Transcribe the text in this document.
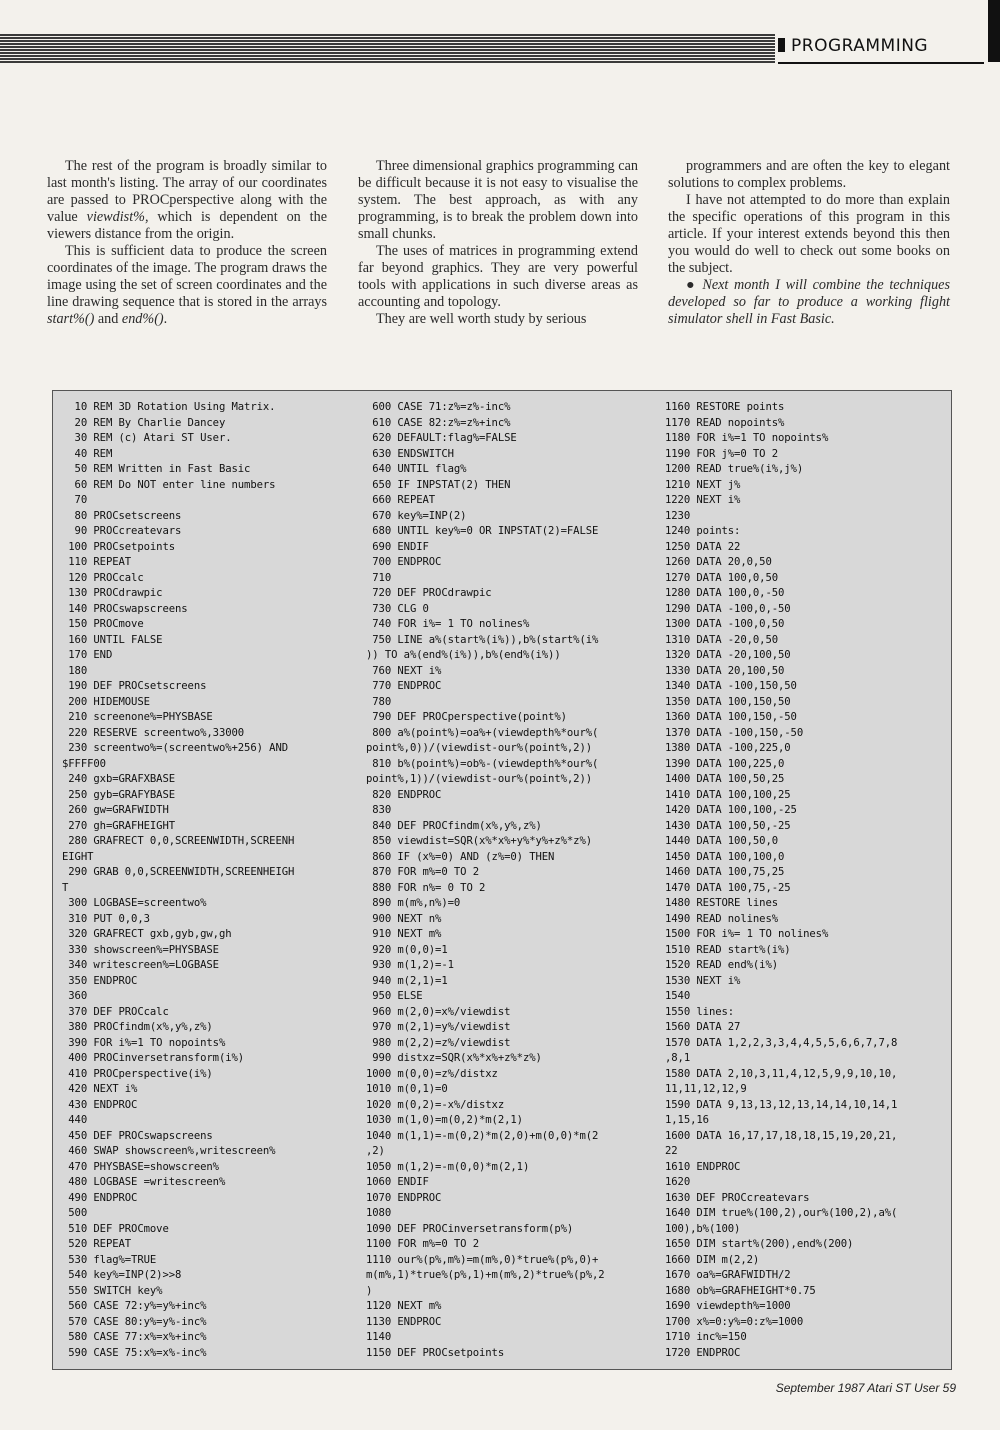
PROGRAMMING

The rest of the program is broadly similar to last month's listing. The array of our coordinates are passed to PROCperspective along with the value viewdist%, which is dependent on the viewers distance from the origin.

This is sufficient data to produce the screen coordinates of the image. The program draws the image using the set of screen coordinates and the line drawing sequence that is stored in the arrays start%() and end%().

Three dimensional graphics programming can be difficult because it is not easy to visualise the system. The best approach, as with any programming, is to break the problem down into small chunks.

The uses of matrices in programming extend far beyond graphics. They are very powerful tools with applications in such diverse areas as accounting and topology.

They are well worth study by serious

programmers and are often the key to elegant solutions to complex problems.

I have not attempted to do more than explain the specific operations of this program in this article. If your interest extends beyond this then you would do well to check out some books on the subject.

● Next month I will combine the techniques developed so far to produce a working flight simulator shell in Fast Basic.

10 REM 3D Rotation Using Matrix.
20 REM By Charlie Dancey
30 REM (c) Atari ST User.
40 REM
50 REM Written in Fast Basic
60 REM Do NOT enter line numbers
70
80 PROCsetscreens
90 PROCcreatevars
100 PROCsetpoints
110 REPEAT
120 PROCcalc
130 PROCdrawpic
140 PROCswapscreens
150 PROCmove
160 UNTIL FALSE
170 END
180
190 DEF PROCsetscreens
200 HIDEMOUSE
210 screenone%=PHYSBASE
220 RESERVE screentwo%,33000
230 screentwo%=(screentwo%+256) AND
$FFFF00
240 gxb=GRAFXBASE
250 gyb=GRAFYBASE
260 gw=GRAFWIDTH
270 gh=GRAFHEIGHT
280 GRAFRECT 0,0,SCREENWIDTH,SCREENH
EIGHT
290 GRAB 0,0,SCREENWIDTH,SCREENHEIGH
T
300 LOGBASE=screentwo%
310 PUT 0,0,3
320 GRAFRECT gxb,gyb,gw,gh
330 showscreen%=PHYSBASE
340 writescreen%=LOGBASE
350 ENDPROC
360
370 DEF PROCcalc
380 PROCfindm(x%,y%,z%)
390 FOR i%=1 TO nopoints%
400 PROCinversetransform(i%)
410 PROCperspective(i%)
420 NEXT i%
430 ENDPROC
440
450 DEF PROCswapscreens
460 SWAP showscreen%,writescreen%
470 PHYSBASE=showscreen%
480 LOGBASE =writescreen%
490 ENDPROC
500
510 DEF PROCmove
520 REPEAT
530 flag%=TRUE
540 key%=INP(2)>>8
550 SWITCH key%
560 CASE 72:y%=y%+inc%
570 CASE 80:y%=y%-inc%
580 CASE 77:x%=x%+inc%
590 CASE 75:x%=x%-inc%
600 CASE 71:z%=z%-inc%
610 CASE 82:z%=z%+inc%
620 DEFAULT:flag%=FALSE
630 ENDSWITCH
640 UNTIL flag%
650 IF INPSTAT(2) THEN
660 REPEAT
670 key%=INP(2)
680 UNTIL key%=0 OR INPSTAT(2)=FALSE
690 ENDIF
700 ENDPROC
710
720 DEF PROCdrawpic
730 CLG 0
740 FOR i%= 1 TO nolines%
750 LINE a%(start%(i%)),b%(start%(i%
)) TO a%(end%(i%)),b%(end%(i%))
760 NEXT i%
770 ENDPROC
780
790 DEF PROCperspective(point%)
800 a%(point%)=oa%+(viewdepth%*our%(
point%,0))/(viewdist-our%(point%,2))
810 b%(point%)=ob%-(viewdepth%*our%(
point%,1))/(viewdist-our%(point%,2))
820 ENDPROC
830
840 DEF PROCfindm(x%,y%,z%)
850 viewdist=SQR(x%*x%+y%*y%+z%*z%)
860 IF (x%=0) AND (z%=0) THEN
870 FOR m%=0 TO 2
880 FOR n%= 0 TO 2
890 m(m%,n%)=0
900 NEXT n%
910 NEXT m%
920 m(0,0)=1
930 m(1,2)=-1
940 m(2,1)=1
950 ELSE
960 m(2,0)=x%/viewdist
970 m(2,1)=y%/viewdist
980 m(2,2)=z%/viewdist
990 distxz=SQR(x%*x%+z%*z%)
1000 m(0,0)=z%/distxz
1010 m(0,1)=0
1020 m(0,2)=-x%/distxz
1030 m(1,0)=m(0,2)*m(2,1)
1040 m(1,1)=-m(0,2)*m(2,0)+m(0,0)*m(2
,2)
1050 m(1,2)=-m(0,0)*m(2,1)
1060 ENDIF
1070 ENDPROC
1080
1090 DEF PROCinversetransform(p%)
1100 FOR m%=0 TO 2
1110 our%(p%,m%)=m(m%,0)*true%(p%,0)+
m(m%,1)*true%(p%,1)+m(m%,2)*true%(p%,2
)
1120 NEXT m%
1130 ENDPROC
1140
1150 DEF PROCsetpoints
1160 RESTORE points
1170 READ nopoints%
1180 FOR i%=1 TO nopoints%
1190 FOR j%=0 TO 2
1200 READ true%(i%,j%)
1210 NEXT j%
1220 NEXT i%
1230
1240 points:
1250 DATA 22
1260 DATA 20,0,50
1270 DATA 100,0,50
1280 DATA 100,0,-50
1290 DATA -100,0,-50
1300 DATA -100,0,50
1310 DATA -20,0,50
1320 DATA -20,100,50
1330 DATA 20,100,50
1340 DATA -100,150,50
1350 DATA 100,150,50
1360 DATA 100,150,-50
1370 DATA -100,150,-50
1380 DATA -100,225,0
1390 DATA 100,225,0
1400 DATA 100,50,25
1410 DATA 100,100,25
1420 DATA 100,100,-25
1430 DATA 100,50,-25
1440 DATA 100,50,0
1450 DATA 100,100,0
1460 DATA 100,75,25
1470 DATA 100,75,-25
1480 RESTORE lines
1490 READ nolines%
1500 FOR i%= 1 TO nolines%
1510 READ start%(i%)
1520 READ end%(i%)
1530 NEXT i%
1540
1550 lines:
1560 DATA 27
1570 DATA 1,2,2,3,3,4,4,5,5,6,6,7,7,8
,8,1
1580 DATA 2,10,3,11,4,12,5,9,9,10,10,
11,11,12,12,9
1590 DATA 9,13,13,12,13,14,14,10,14,1
1,15,16
1600 DATA 16,17,17,18,18,15,19,20,21,
22
1610 ENDPROC
1620
1630 DEF PROCcreatevars
1640 DIM true%(100,2),our%(100,2),a%(
100),b%(100)
1650 DIM start%(200),end%(200)
1660 DIM m(2,2)
1670 oa%=GRAFWIDTH/2
1680 ob%=GRAFHEIGHT*0.75
1690 viewdepth%=1000
1700 x%=0:y%=0:z%=1000
1710 inc%=150
1720 ENDPROC
September 1987 Atari ST User 59
